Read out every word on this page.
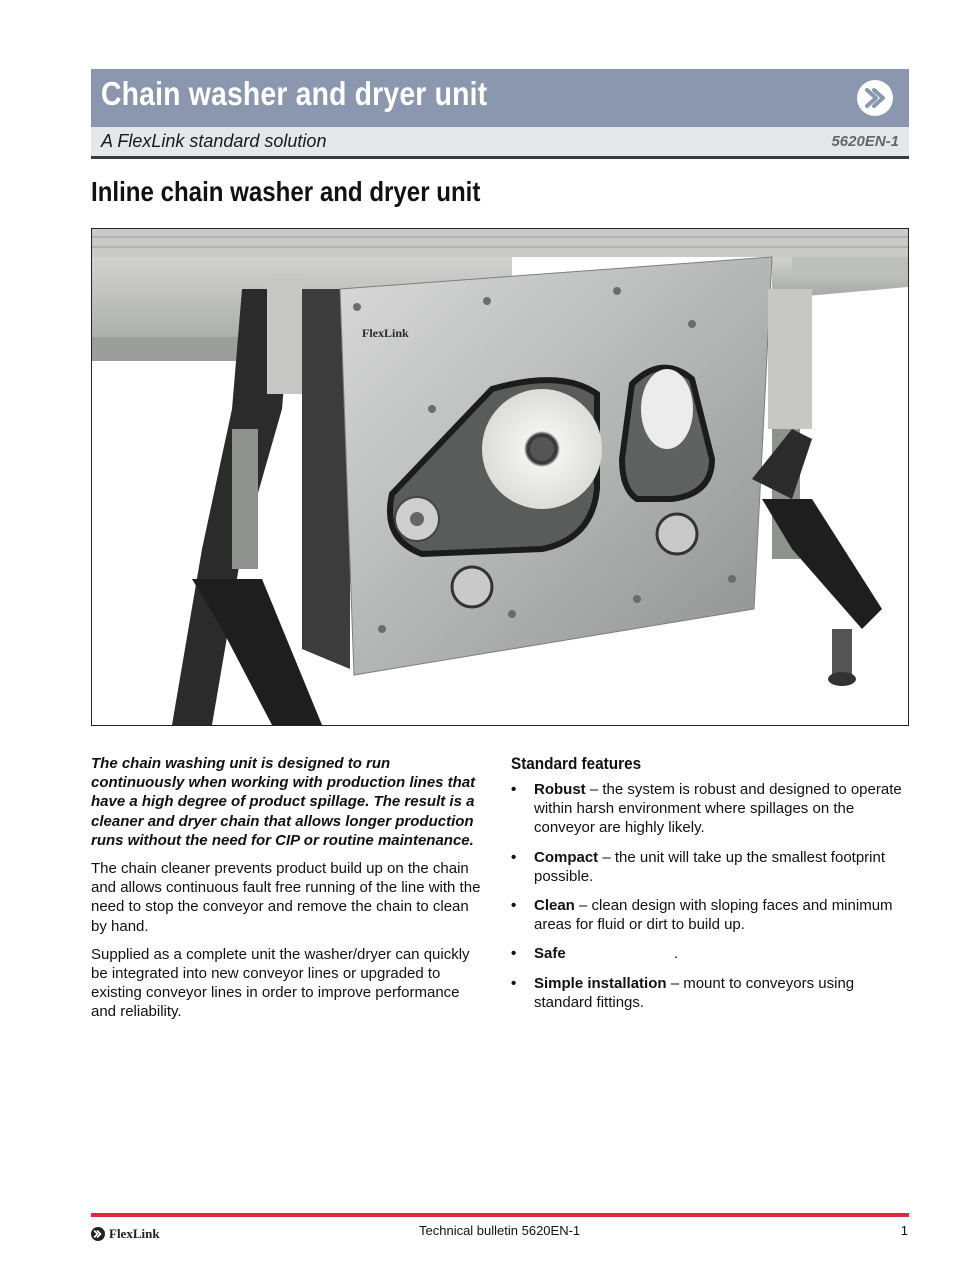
Chain washer and dryer unit
A FlexLink standard solution	5620EN-1
Inline chain washer and dryer unit
FlexLink

The chain washing unit is designed to run continuously when working with production lines that have a high degree of product spillage. The result is a cleaner and dryer chain that allows longer production runs without the need for CIP or routine maintenance.

The chain cleaner prevents product build up on the chain and allows continuous fault free running of the line with the need to stop the conveyor and remove the chain to clean by hand.

Supplied as a complete unit the washer/dryer can quickly be integrated into new conveyor lines or upgraded to existing conveyor lines in order to improve performance and reliability.

Standard features
• Robust – the system is robust and designed to operate within harsh environment where spillages on the conveyor are highly likely.
• Compact – the unit will take up the smallest footprint possible.
• Clean – clean design with sloping faces and minimum areas for fluid or dirt to build up.
• Safe                          .
• Simple installation – mount to conveyors using standard fittings.
FlexLink	Technical bulletin 5620EN-1	1
